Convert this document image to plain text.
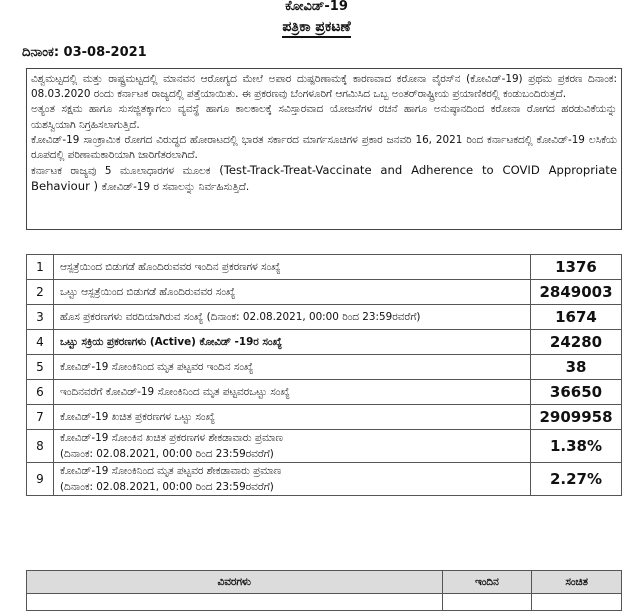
ಕೋವಿಡ್-19
ಪತ್ರಿಕಾ ಪ್ರಕಟಣೆ
ದಿನಾಂಕ: 03-08-2021

ವಿಶ್ವಮಟ್ಟದಲ್ಲಿ ಮತ್ತು ರಾಷ್ಟ್ರಮಟ್ಟದಲ್ಲಿ ಮಾನವನ ಆರೋಗ್ಯದ ಮೇಲೆ ಅಪಾರ ದುಷ್ಪರಿಣಾಮಕ್ಕೆ ಕಾರಣವಾದ ಕರೋನಾ ವೈರಸ್‌ನ (ಕೋವಿಡ್-19) ಪ್ರಥಮ ಪ್ರಕರಣ ದಿನಾಂಕ: 08.03.2020 ರಂದು ಕರ್ನಾಟಕ ರಾಜ್ಯದಲ್ಲಿ ಪತ್ತೆಯಾಯಿತು. ಈ ಪ್ರಕರಣವು ಬೆಂಗಳೂರಿಗೆ ಆಗಮಿಸಿದ ಒಬ್ಬ ಅಂತರ್‌ರಾಷ್ಟ್ರೀಯ ಪ್ರಯಾಣಿಕರಲ್ಲಿ ಕಂಡುಬಂದಿರುತ್ತದೆ.

ಅತ್ಯಂತ ಸಕ್ಷಮ ಹಾಗೂ ಸುಸಜ್ಜಿತಕ್ಕಾಗಲು ವ್ಯವಸ್ಥೆ ಹಾಗೂ ಕಾಲಕಾಲಕ್ಕೆ ಸವಿಸ್ತಾರವಾದ ಯೋಜನೆಗಳ ರಚನೆ ಹಾಗೂ ಅನುಷ್ಠಾನದಿಂದ ಕರೋನಾ ರೋಗದ ಹರಡುವಿಕೆಯನ್ನು ಯಶಸ್ವಿಯಾಗಿ ನಿಗ್ರಹಿಸಲಾಗುತ್ತಿದೆ.

ಕೋವಿಡ್-19 ಸಾಂಕ್ರಾಮಿಕ ರೋಗದ ವಿರುದ್ಧದ ಹೋರಾಟದಲ್ಲಿ ಭಾರತ ಸರ್ಕಾರದ ಮಾರ್ಗಸೂಚಿಗಳ ಪ್ರಕಾರ ಜನವರಿ 16, 2021 ರಿಂದ ಕರ್ನಾಟಕದಲ್ಲಿ ಕೋವಿಡ್-19 ಲಸಿಕೆಯ ರೂಪದಲ್ಲಿ ಪರಿಣಾಮಕಾರಿಯಾಗಿ ಜಾರಿಗೆತರಲಾಗಿದೆ.

ಕರ್ನಾಟಕ ರಾಜ್ಯವು 5 ಮೂಲಾಧಾರಗಳ ಮೂಲಕ (Test-Track-Treat-Vaccinate and Adherence to COVID Appropriate Behaviour ) ಕೋವಿಡ್-19 ರ ಸವಾಲನ್ನು ನಿರ್ವಹಿಸುತ್ತಿದೆ.

1	ಆಸ್ಪತ್ರೆಯಿಂದ ಬಿಡುಗಡೆ ಹೊಂದಿರುವವರ ಇಂದಿನ ಪ್ರಕರಣಗಳ ಸಂಖ್ಯೆ	1376
2	ಒಟ್ಟು ಆಸ್ಪತ್ರೆಯಿಂದ ಬಿಡುಗಡೆ ಹೊಂದಿರುವವರ ಸಂಖ್ಯೆ	2849003
3	ಹೊಸ ಪ್ರಕರಣಗಳು ವರದಿಯಾಗಿರುವ ಸಂಖ್ಯೆ (ದಿನಾಂಕ: 02.08.2021, 00:00 ರಿಂದ 23:59ರವರೆಗೆ)	1674
4	ಒಟ್ಟು ಸಕ್ರಿಯ ಪ್ರಕರಣಗಳು (Active) ಕೋವಿಡ್ -19ರ ಸಂಖ್ಯೆ	24280
5	ಕೋವಿಡ್-19 ಸೋಂಕಿನಿಂದ ಮೃತ ಪಟ್ಟವರ ಇಂದಿನ ಸಂಖ್ಯೆ	38
6	ಇಂದಿನವರೆಗೆ ಕೋವಿಡ್-19 ಸೋಂಕಿನಿಂದ ಮೃತ ಪಟ್ಟವರಒಟ್ಟು ಸಂಖ್ಯೆ	36650
7	ಕೋವಿಡ್-19 ಖಚಿತ ಪ್ರಕರಣಗಳ ಒಟ್ಟು ಸಂಖ್ಯೆ	2909958
8	ಕೋವಿಡ್-19 ಸೋಂಕಿನ ಖಚಿತ ಪ್ರಕರಣಗಳ ಶೇಕಡಾವಾರು ಪ್ರಮಾಣ
(ದಿನಾಂಕ: 02.08.2021, 00:00 ರಿಂದ 23:59ರವರೆಗೆ)	1.38%
9	ಕೋವಿಡ್-19 ಸೋಂಕಿನಿಂದ ಮೃತ ಪಟ್ಟವರ ಶೇಕಡಾವಾರು ಪ್ರಮಾಣ
(ದಿನಾಂಕ: 02.08.2021, 00:00 ರಿಂದ 23:59ರವರೆಗೆ)	2.27%
ವಿವರಗಳು	ಇಂದಿನ	ಸಂಚಿತ
